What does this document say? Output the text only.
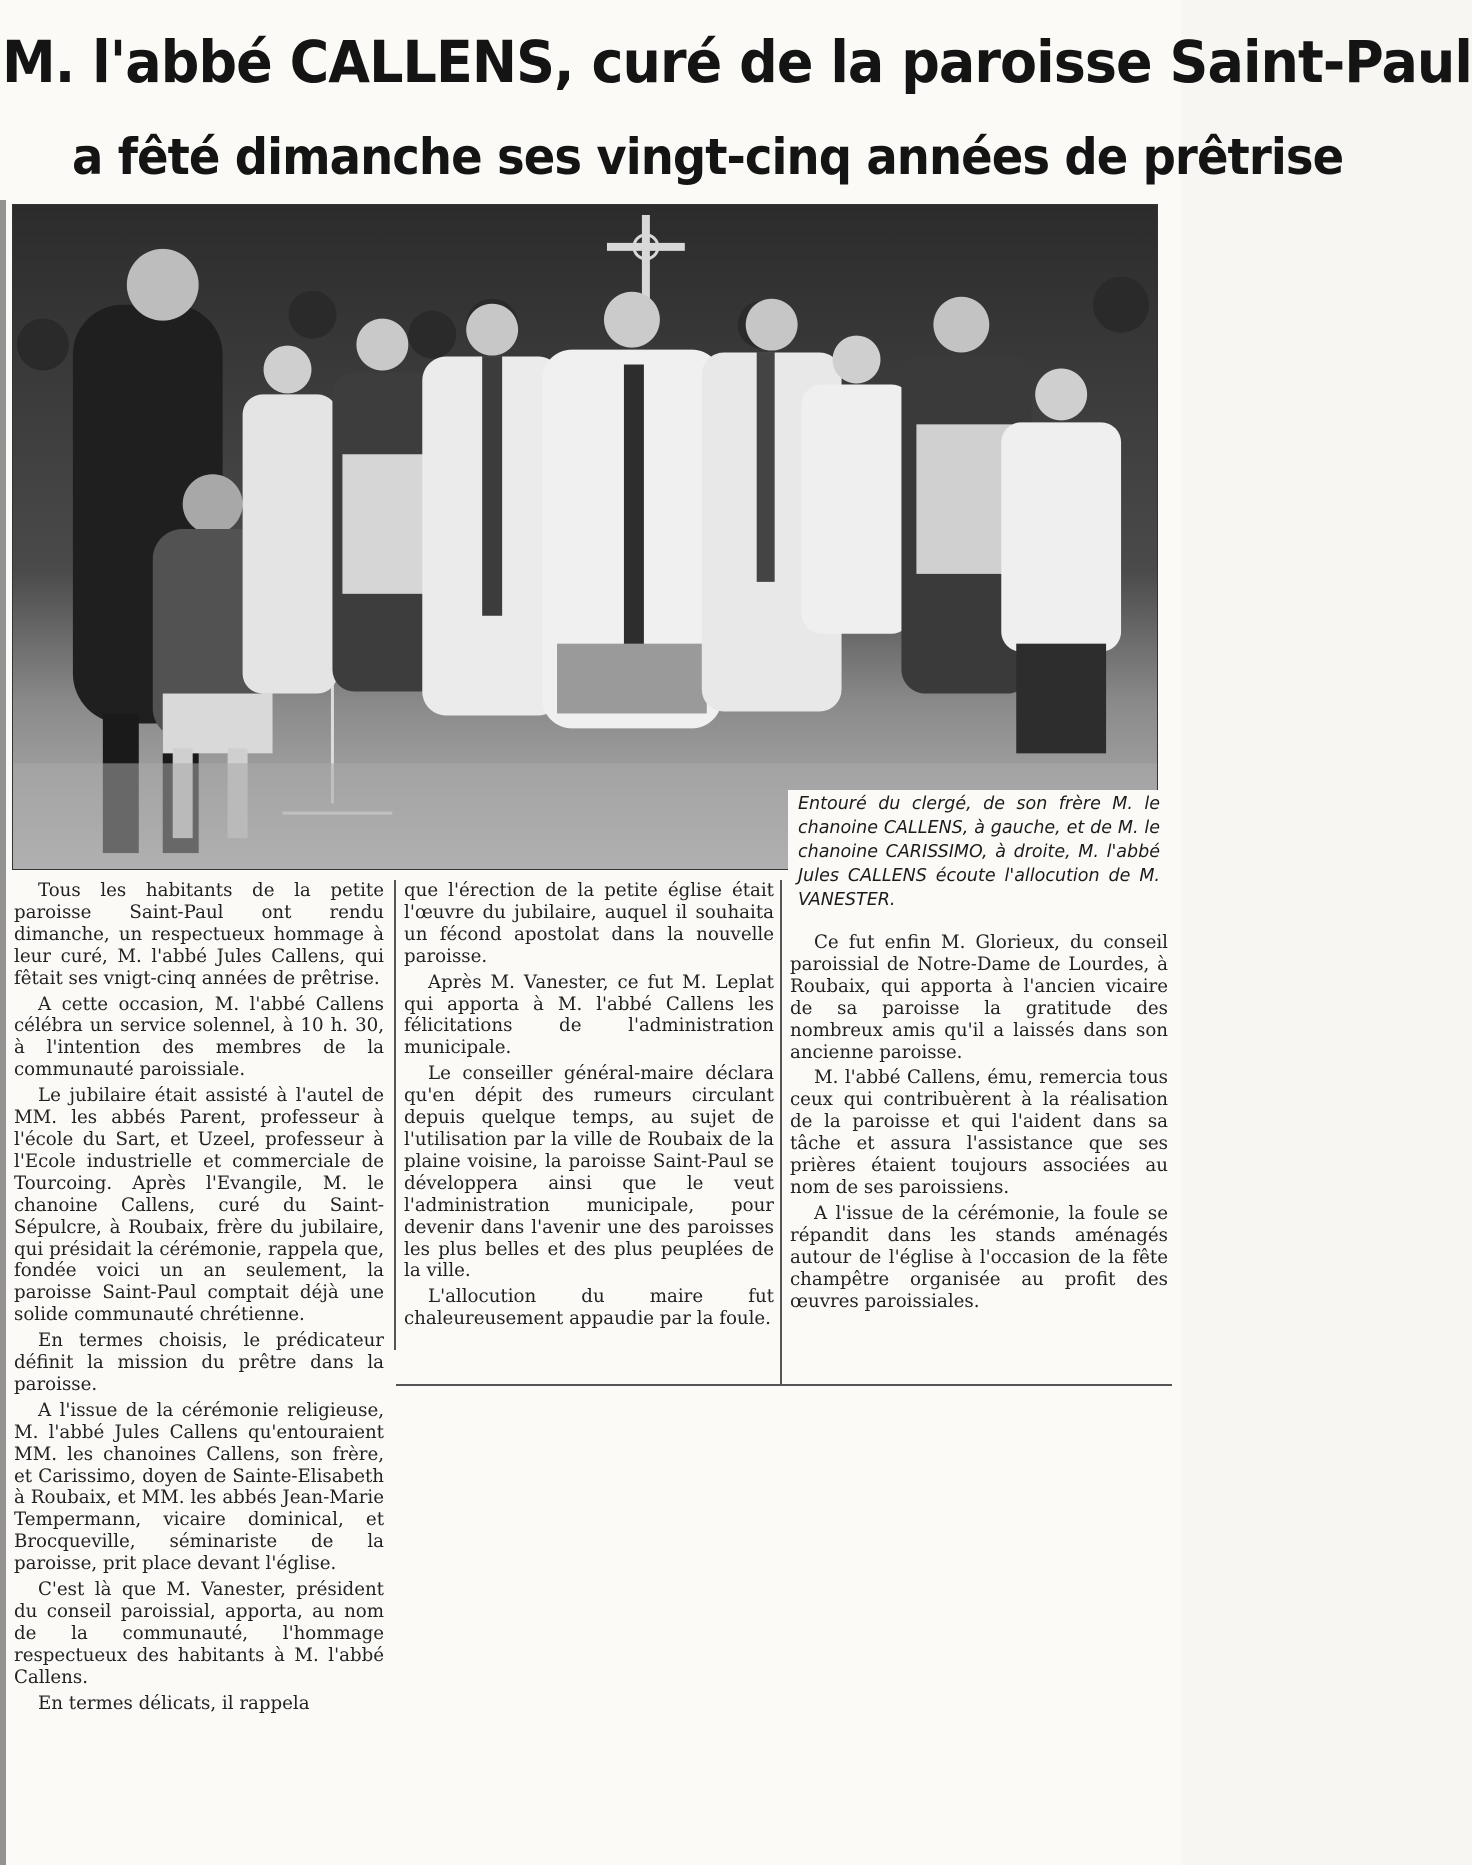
M. l'abbé CALLENS, curé de la paroisse Saint-Paul
a fêté dimanche ses vingt-cinq années de prêtrise
Entouré du clergé, de son frère M. le chanoine CALLENS, à gauche, et de M. le chanoine CARISSIMO, à droite, M. l'abbé Jules CALLENS écoute l'allocution de M. VANESTER.

Tous les habitants de la petite paroisse Saint-Paul ont rendu dimanche, un respectueux hommage à leur curé, M. l'abbé Jules Callens, qui fêtait ses vnigt-cinq années de prêtrise.

A cette occasion, M. l'abbé Callens célébra un service solennel, à 10 h. 30, à l'intention des membres de la communauté paroissiale.

Le jubilaire était assisté à l'autel de MM. les abbés Parent, professeur à l'école du Sart, et Uzeel, professeur à l'Ecole industrielle et commerciale de Tourcoing. Après l'Evangile, M. le chanoine Callens, curé du Saint-Sépulcre, à Roubaix, frère du jubilaire, qui présidait la cérémonie, rappela que, fondée voici un an seulement, la paroisse Saint-Paul comptait déjà une solide communauté chrétienne.

En termes choisis, le prédicateur définit la mission du prêtre dans la paroisse.

A l'issue de la cérémonie religieuse, M. l'abbé Jules Callens qu'entouraient MM. les chanoines Callens, son frère, et Carissimo, doyen de Sainte-Elisabeth à Roubaix, et MM. les abbés Jean-Marie Tempermann, vicaire dominical, et Brocqueville, séminariste de la paroisse, prit place devant l'église.

C'est là que M. Vanester, président du conseil paroissial, apporta, au nom de la communauté, l'hommage respectueux des habitants à M. l'abbé Callens.

En termes délicats, il rappela

que l'érection de la petite église était l'œuvre du jubilaire, auquel il souhaita un fécond apostolat dans la nouvelle paroisse.

Après M. Vanester, ce fut M. Leplat qui apporta à M. l'abbé Callens les félicitations de l'administration municipale.

Le conseiller général-maire déclara qu'en dépit des rumeurs circulant depuis quelque temps, au sujet de l'utilisation par la ville de Roubaix de la plaine voisine, la paroisse Saint-Paul se développera ainsi que le veut l'administration municipale, pour devenir dans l'avenir une des paroisses les plus belles et des plus peuplées de la ville.

L'allocution du maire fut chaleureusement appaudie par la foule.

Ce fut enfin M. Glorieux, du conseil paroissial de Notre-Dame de Lourdes, à Roubaix, qui apporta à l'ancien vicaire de sa paroisse la gratitude des nombreux amis qu'il a laissés dans son ancienne paroisse.

M. l'abbé Callens, ému, remercia tous ceux qui contribuèrent à la réalisation de la paroisse et qui l'aident dans sa tâche et assura l'assistance que ses prières étaient toujours associées au nom de ses paroissiens.

A l'issue de la cérémonie, la foule se répandit dans les stands aménagés autour de l'église à l'occasion de la fête champêtre organisée au profit des œuvres paroissiales.
